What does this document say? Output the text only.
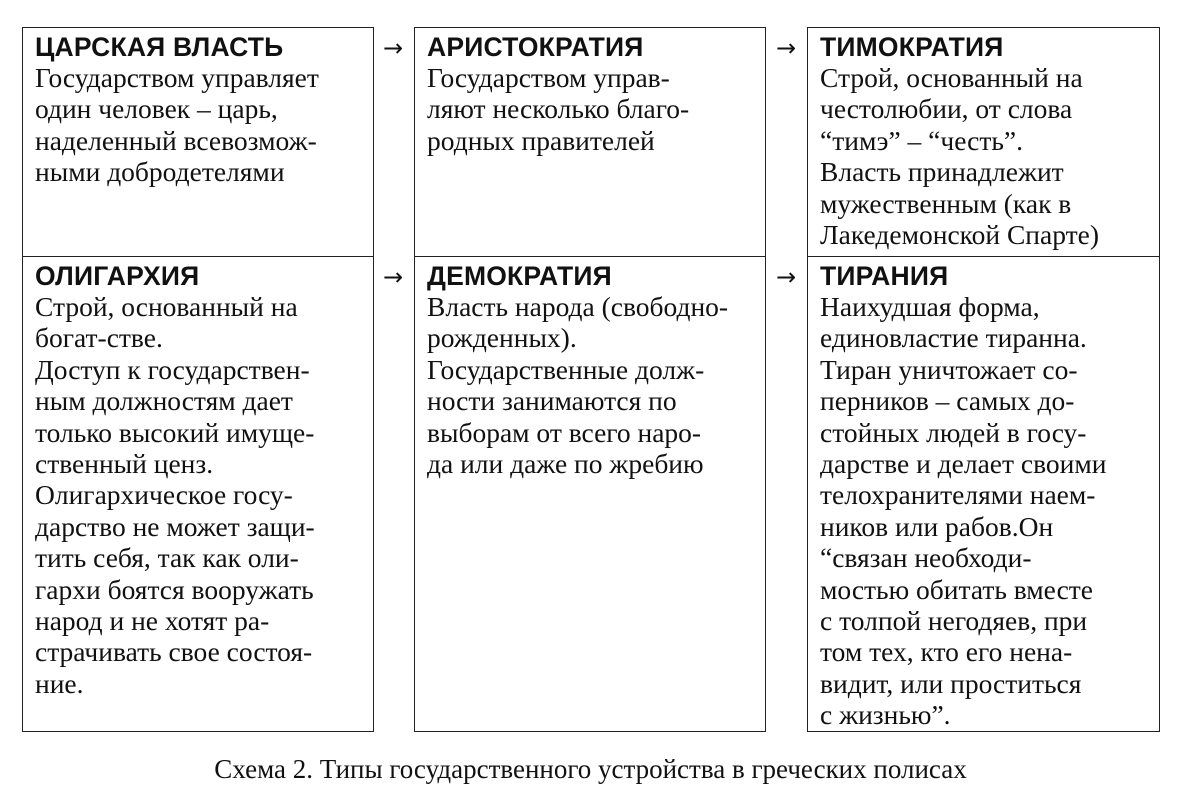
ЦАРСКАЯ ВЛАСТЬ
Государством управляет
один человек – царь,
наделенный всевозмож-
ными добродетелями
АРИСТОКРАТИЯ
Государством управ-
ляют несколько благо-
родных правителей
ТИМОКРАТИЯ
Строй, основанный на
честолюбии, от слова
“тимэ” – “честь”.
Власть принадлежит
мужественным (как в
Лакедемонской Спарте)
ОЛИГАРХИЯ
Строй, основанный на
богат-стве.
Доступ к государствен-
ным должностям дает
только высокий имуще-
ственный ценз.
Олигархическое госу-
дарство не может защи-
тить себя, так как оли-
гархи боятся вооружать
народ и не хотят ра-
страчивать свое состоя-
ние.
ДЕМОКРАТИЯ
Власть народа (свободно-
рожденных).
Государственные долж-
ности занимаются по
выборам от всего наро-
да или даже по жребию
ТИРАНИЯ
Наихудшая форма,
единовластие тиранна.
Тиран уничтожает со-
перников – самых до-
стойных людей в госу-
дарстве и делает своими
телохранителями наем-
ников или рабов.Он
“связан необходи-
мостью обитать вместе
с толпой негодяев, при
том тех, кто его нена-
видит, или проститься
с жизнью”.
→	→
→	→
Схема 2. Типы государственного устройства в греческих полисах
